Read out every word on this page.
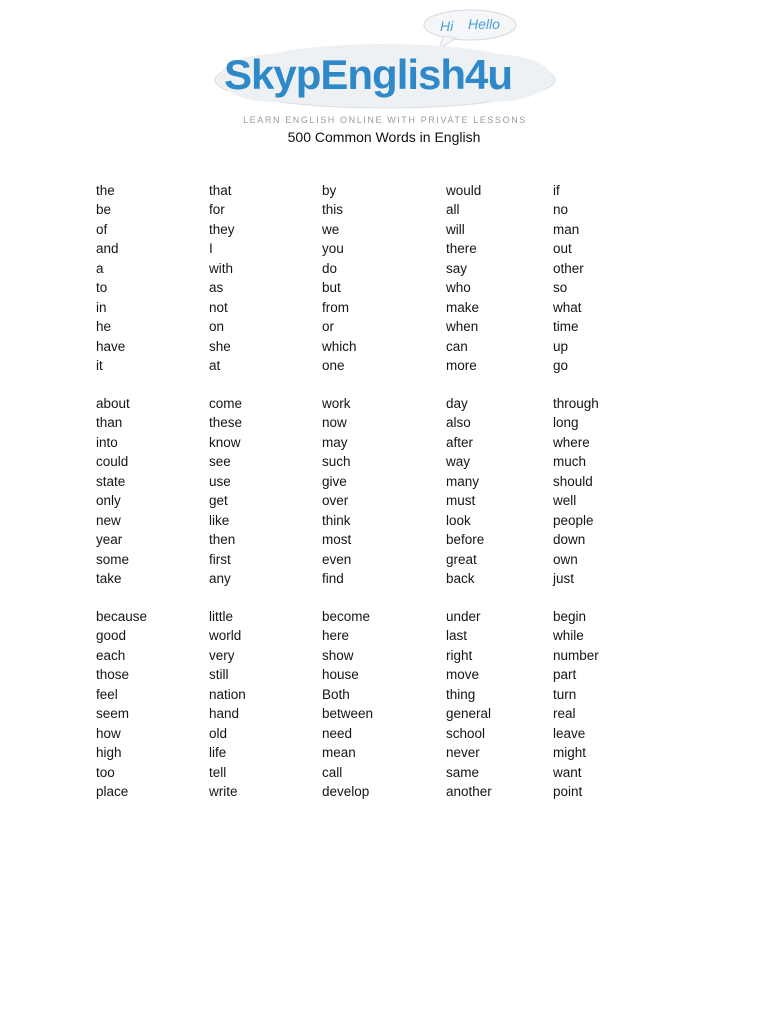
Hi Hello
SkypEnglish4u
LEARN ENGLISH ONLINE WITH PRIVATE LESSONS
500 Common Words in English
the
be
of
and
a
to
in
he
have
it
that
for
they
I
with
as
not
on
she
at
by
this
we
you
do
but
from
or
which
one
would
all
will
there
say
who
make
when
can
more
if
no
man
out
other
so
what
time
up
go
about
than
into
could
state
only
new
year
some
take
come
these
know
see
use
get
like
then
first
any
work
now
may
such
give
over
think
most
even
find
day
also
after
way
many
must
look
before
great
back
through
long
where
much
should
well
people
down
own
just
because
good
each
those
feel
seem
how
high
too
place
little
world
very
still
nation
hand
old
life
tell
write
become
here
show
house
Both
between
need
mean
call
develop
under
last
right
move
thing
general
school
never
same
another
begin
while
number
part
turn
real
leave
might
want
point
